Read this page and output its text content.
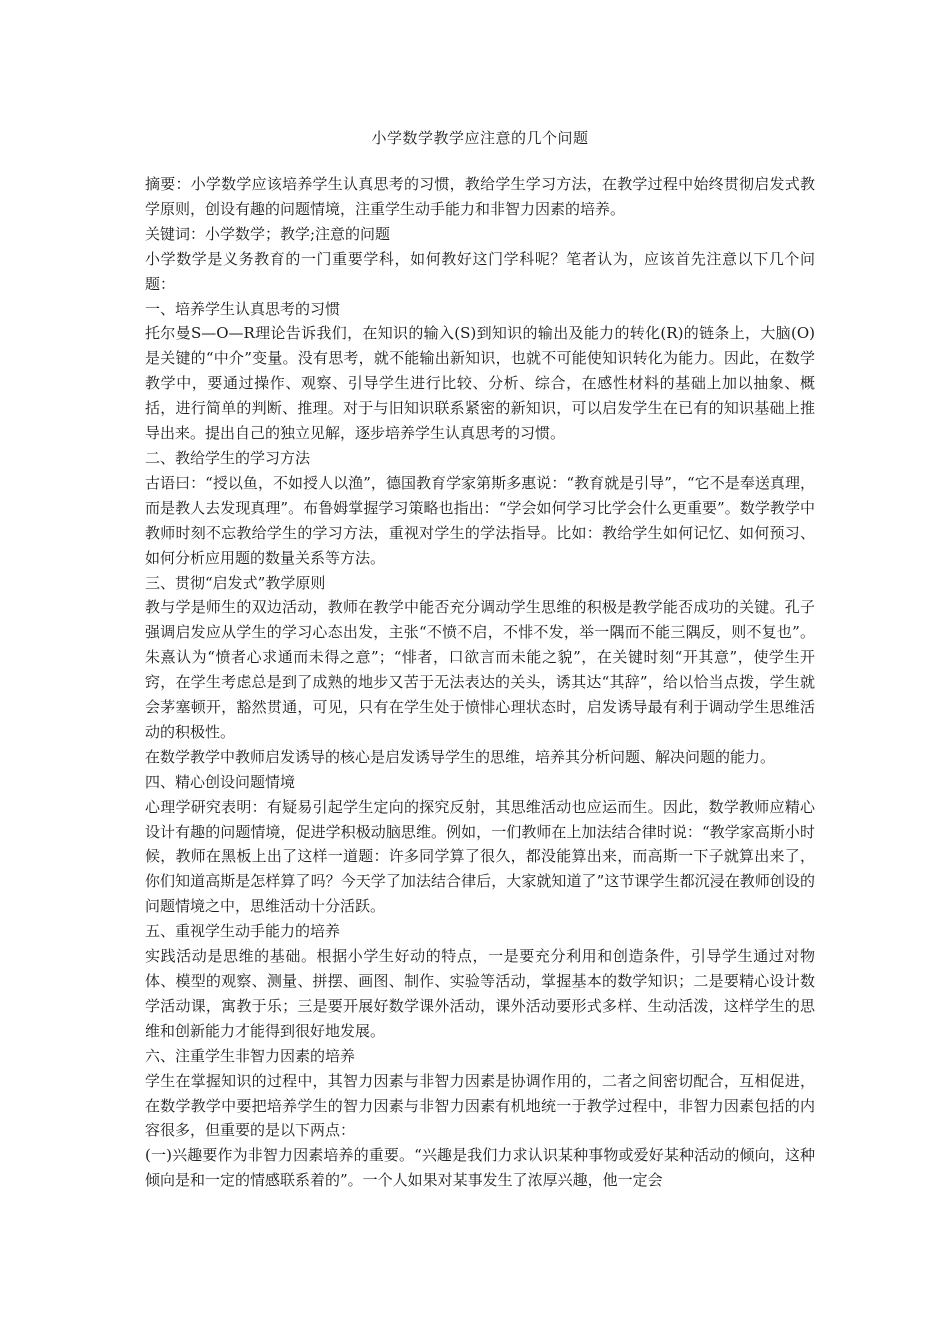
小学数学教学应注意的几个问题

摘要：小学数学应该培养学生认真思考的习惯，教给学生学习方法，在教学过程中始终贯彻启发式教学原则，创设有趣的问题情境，注重学生动手能力和非智力因素的培养。

关键词：小学数学；教学;注意的问题

小学数学是义务教育的一门重要学科，如何教好这门学科呢？笔者认为，应该首先注意以下几个问题：

一、培养学生认真思考的习惯

托尔曼S—O—R理论告诉我们，在知识的输入(S)到知识的输出及能力的转化(R)的链条上，大脑(O)是关键的“中介”变量。没有思考，就不能输出新知识，也就不可能使知识转化为能力。因此，在数学教学中，要通过操作、观察、引导学生进行比较、分析、综合，在感性材料的基础上加以抽象、概括，进行简单的判断、推理。对于与旧知识联系紧密的新知识，可以启发学生在已有的知识基础上推导出来。提出自己的独立见解，逐步培养学生认真思考的习惯。

二、教给学生的学习方法

古语曰：“授以鱼，不如授人以渔”，德国教育学家第斯多惠说：“教育就是引导”，“它不是奉送真理，而是教人去发现真理”。布鲁姆掌握学习策略也指出：“学会如何学习比学会什么更重要”。数学教学中教师时刻不忘教给学生的学习方法，重视对学生的学法指导。比如：教给学生如何记忆、如何预习、如何分析应用题的数量关系等方法。

三、贯彻“启发式”教学原则

教与学是师生的双边活动，教师在教学中能否充分调动学生思维的积极是教学能否成功的关键。孔子强调启发应从学生的学习心态出发，主张“不愤不启，不悱不发，举一隅而不能三隅反，则不复也”。朱熹认为“愤者心求通而未得之意”；“悱者，口欲言而未能之貌”，在关键时刻“开其意”，使学生开窍，在学生考虑总是到了成熟的地步又苦于无法表达的关头，诱其达“其辞”，给以恰当点拨，学生就会茅塞顿开，豁然贯通，可见，只有在学生处于愤悱心理状态时，启发诱导最有利于调动学生思维活动的积极性。

在数学教学中教师启发诱导的核心是启发诱导学生的思维，培养其分析问题、解决问题的能力。

四、精心创设问题情境

心理学研究表明：有疑易引起学生定向的探究反射，其思维活动也应运而生。因此，数学教师应精心设计有趣的问题情境，促进学积极动脑思维。例如，一们教师在上加法结合律时说：“教学家高斯小时候，教师在黑板上出了这样一道题：许多同学算了很久，都没能算出来，而高斯一下子就算出来了，你们知道高斯是怎样算了吗？今天学了加法结合律后，大家就知道了”这节课学生都沉浸在教师创设的问题情境之中，思维活动十分活跃。

五、重视学生动手能力的培养

实践活动是思维的基础。根据小学生好动的特点，一是要充分利用和创造条件，引导学生通过对物体、模型的观察、测量、拼摆、画图、制作、实验等活动，掌握基本的数学知识；二是要精心设计数学活动课，寓教于乐；三是要开展好数学课外活动，课外活动要形式多样、生动活泼，这样学生的思维和创新能力才能得到很好地发展。

六、注重学生非智力因素的培养

学生在掌握知识的过程中，其智力因素与非智力因素是协调作用的，二者之间密切配合，互相促进，在数学教学中要把培养学生的智力因素与非智力因素有机地统一于教学过程中，非智力因素包括的内容很多，但重要的是以下两点：

(一)兴趣要作为非智力因素培养的重要。“兴趣是我们力求认识某种事物或爱好某种活动的倾向，这种倾向是和一定的情感联系着的”。一个人如果对某事发生了浓厚兴趣，他一定会
